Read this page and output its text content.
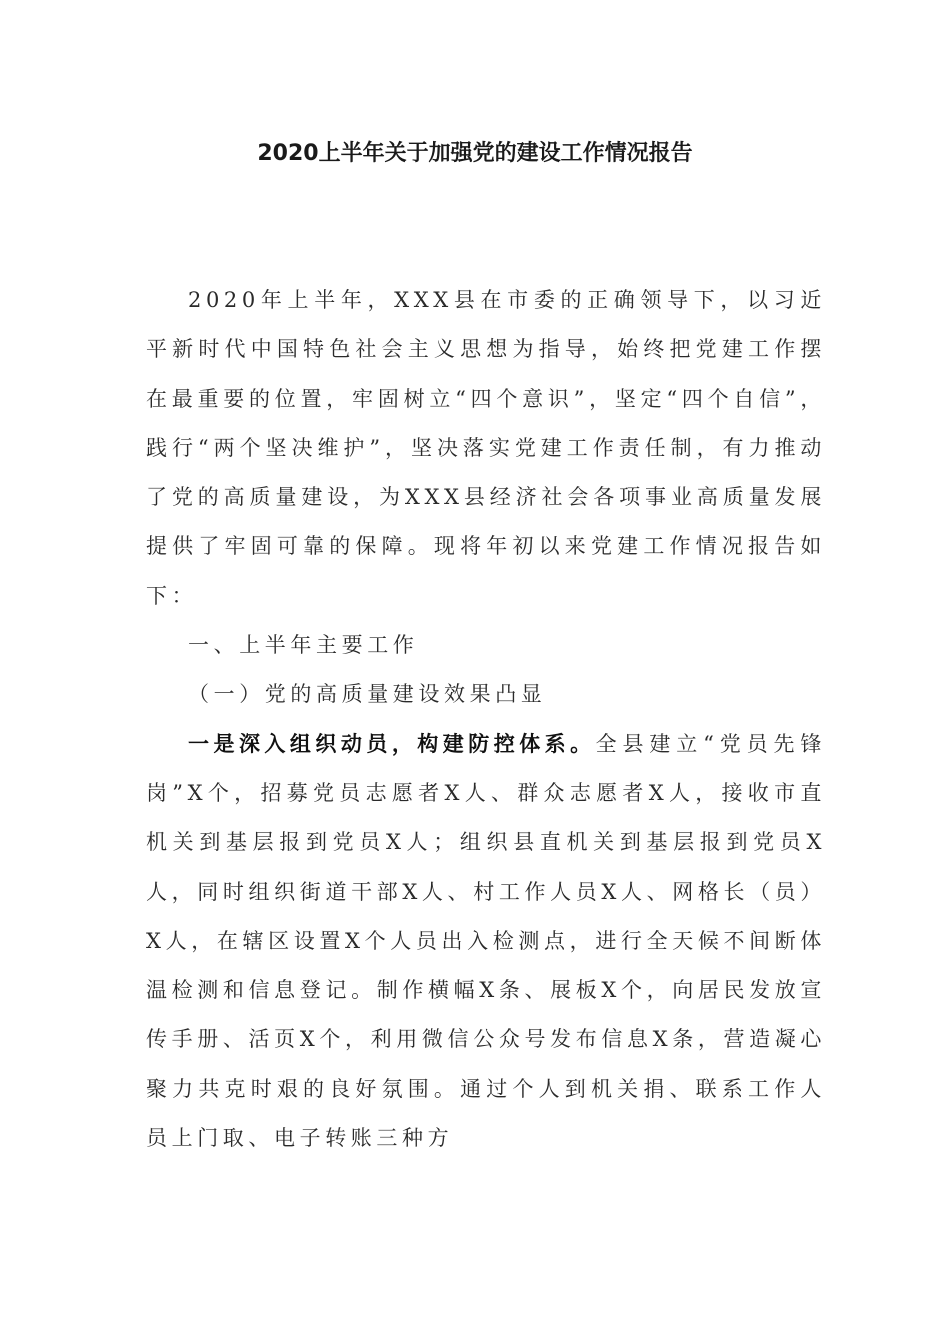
2020上半年关于加强党的建设工作情况报告

2020年上半年，XXX县在市委的正确领导下，以习近平新时代中国特色社会主义思想为指导，始终把党建工作摆在最重要的位置，牢固树立“四个意识”，坚定“四个自信”，践行“两个坚决维护”，坚决落实党建工作责任制，有力推动了党的高质量建设，为XXX县经济社会各项事业高质量发展提供了牢固可靠的保障。现将年初以来党建工作情况报告如下：

一、上半年主要工作

（一）党的高质量建设效果凸显

一是深入组织动员，构建防控体系。全县建立“党员先锋岗”X个，招募党员志愿者X人、群众志愿者X人，接收市直机关到基层报到党员X人；组织县直机关到基层报到党员X人，同时组织街道干部X人、村工作人员X人、网格长（员）X人，在辖区设置X个人员出入检测点，进行全天候不间断体温检测和信息登记。制作横幅X条、展板X个，向居民发放宣传手册、活页X个，利用微信公众号发布信息X条，营造凝心聚力共克时艰的良好氛围。通过个人到机关捐、联系工作人员上门取、电子转账三种方
